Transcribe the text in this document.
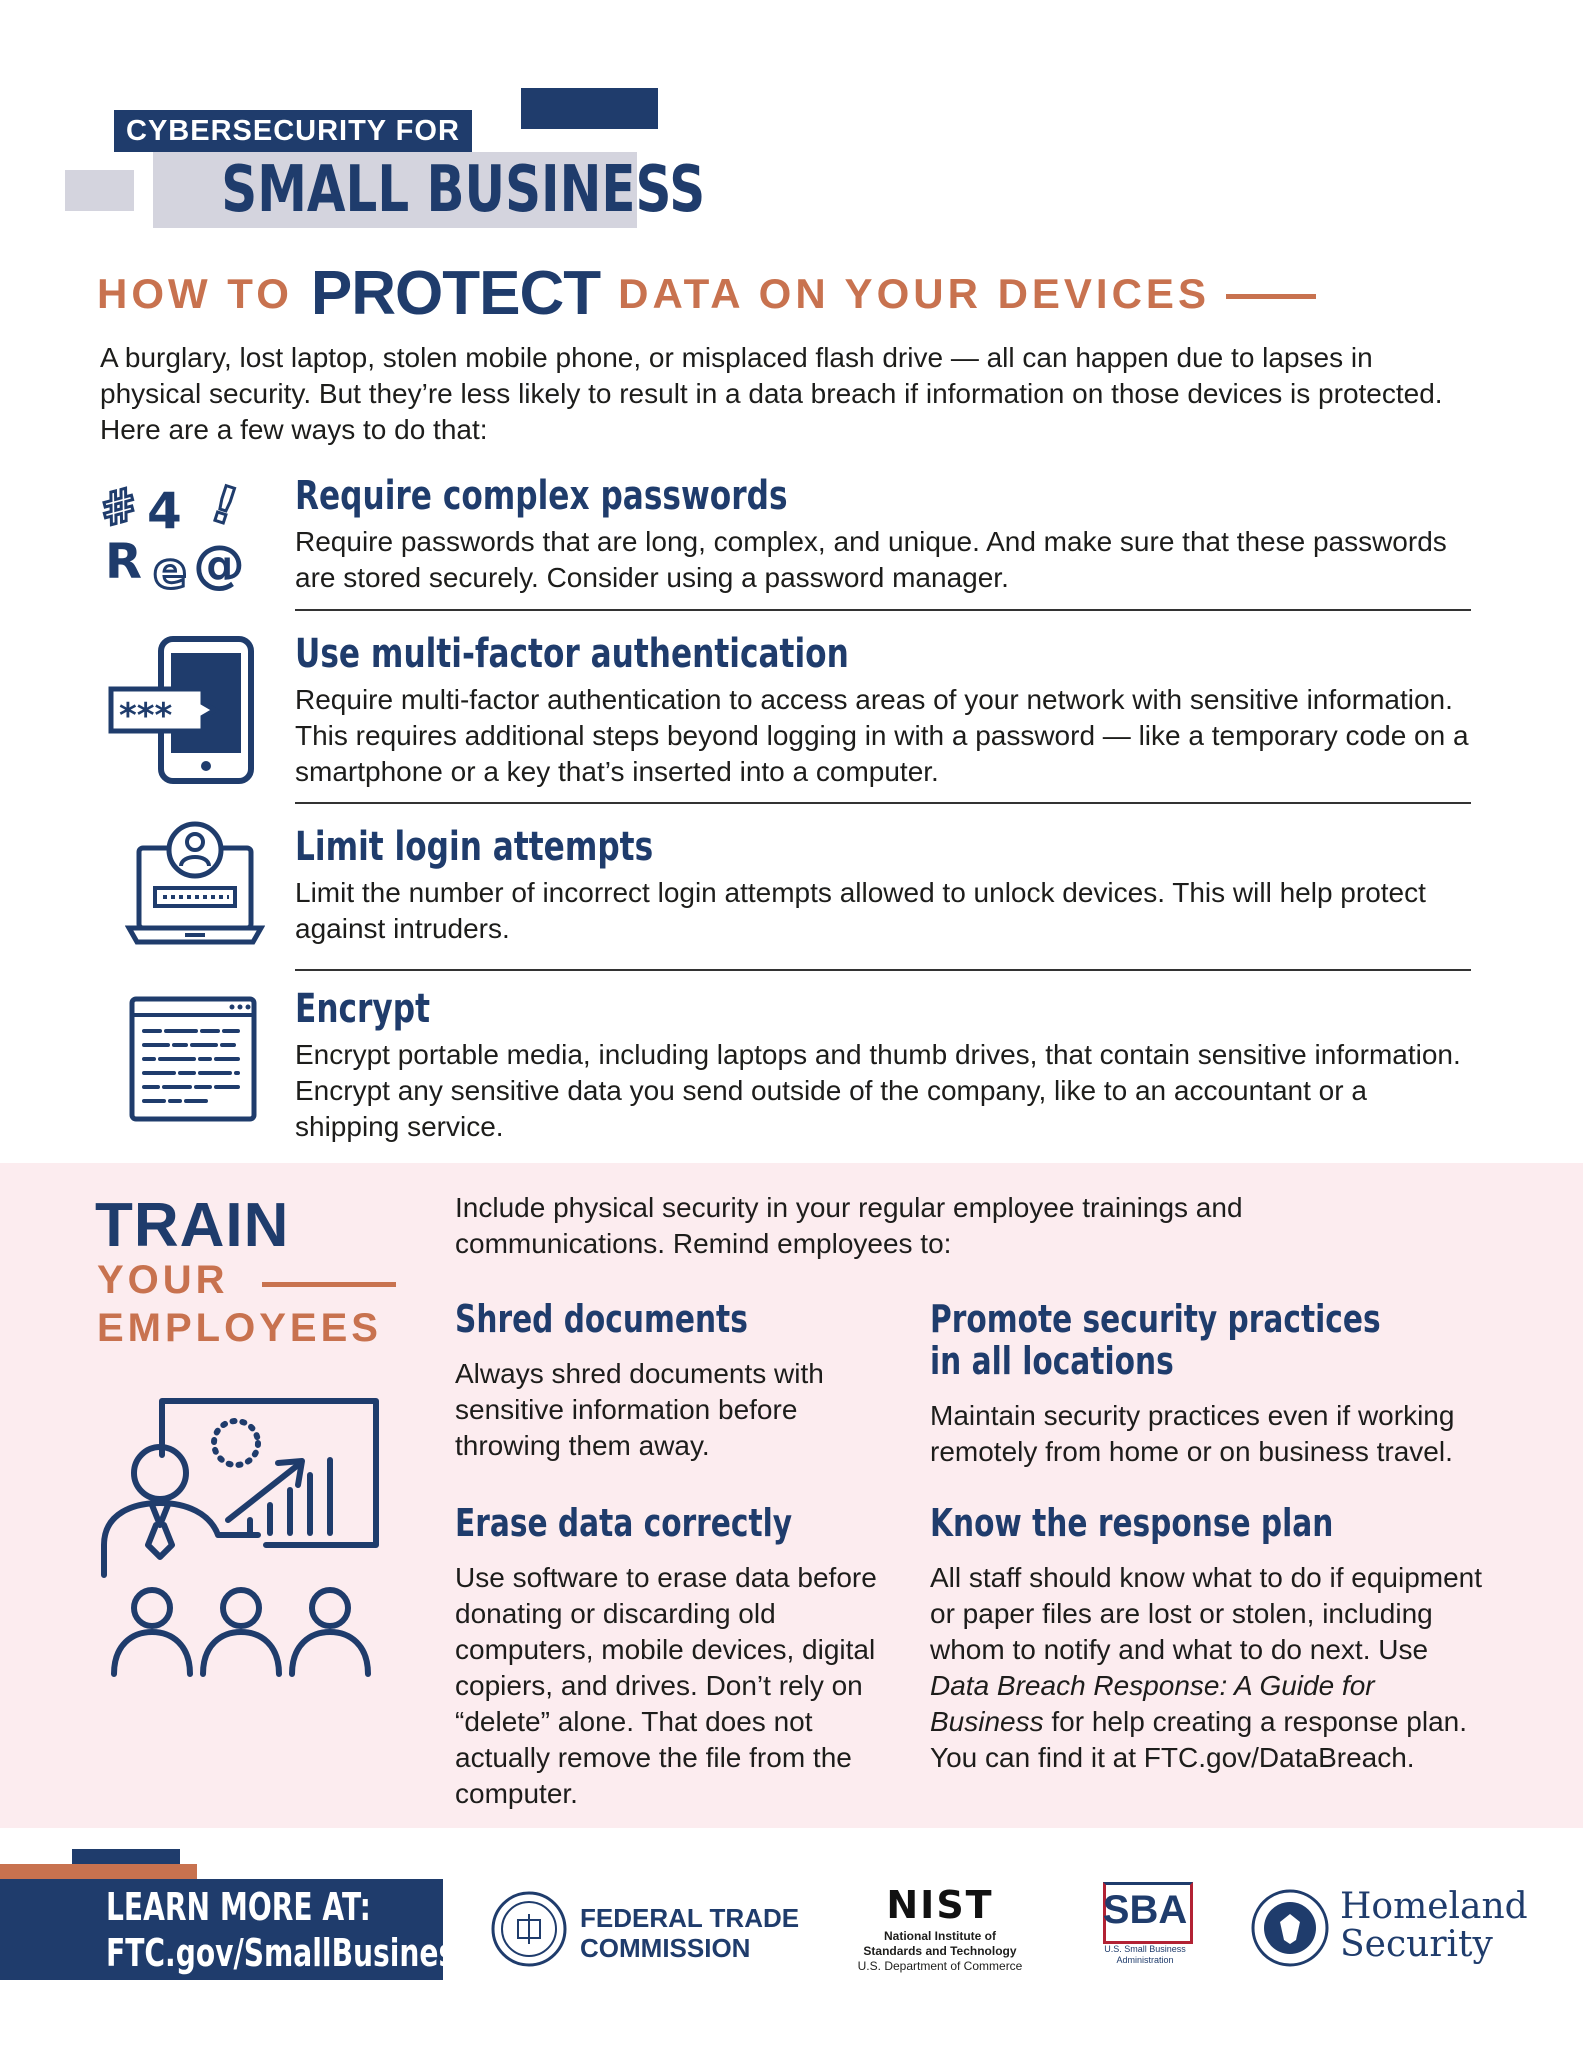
CYBERSECURITY FOR
SMALL BUSINESS
HOW TO PROTECT DATA ON YOUR DEVICES
A burglary, lost laptop, stolen mobile phone, or misplaced flash drive — all can happen due to lapses in physical security. But they’re less likely to result in a data breach if information on those devices is protected. Here are a few ways to do that:
# 4 !
R e @
Require complex passwords
Require passwords that are long, complex, and unique. And make sure that these passwords are stored securely. Consider using a password manager.
***
Use multi-factor authentication
Require multi-factor authentication to access areas of your network with sensitive information. This requires additional steps beyond logging in with a password — like a temporary code on a smartphone or a key that’s inserted into a computer.
Limit login attempts
Limit the number of incorrect login attempts allowed to unlock devices. This will help protect against intruders.
Encrypt
Encrypt portable media, including laptops and thumb drives, that contain sensitive information. Encrypt any sensitive data you send outside of the company, like to an accountant or a shipping service.
TRAIN
YOUR
EMPLOYEES
Include physical security in your regular employee trainings and communications. Remind employees to:
Shred documents
Always shred documents with sensitive information before throwing them away.
Promote security practices
in all locations
Maintain security practices even if working remotely from home or on business travel.
Erase data correctly
Use software to erase data before donating or discarding old computers, mobile devices, digital copiers, and drives. Don’t rely on “delete” alone. That does not actually remove the file from the computer.
Know the response plan
All staff should know what to do if equipment or paper files are lost or stolen, including whom to notify and what to do next. Use Data Breach Response: A Guide for Business for help creating a response plan. You can find it at FTC.gov/DataBreach.
LEARN MORE AT:
FTC.gov/SmallBusiness
FEDERAL TRADE
COMMISSION
NIST
National Institute of
Standards and Technology
U.S. Department of Commerce
SBA
U.S. Small Business
Administration
Homeland
Security
